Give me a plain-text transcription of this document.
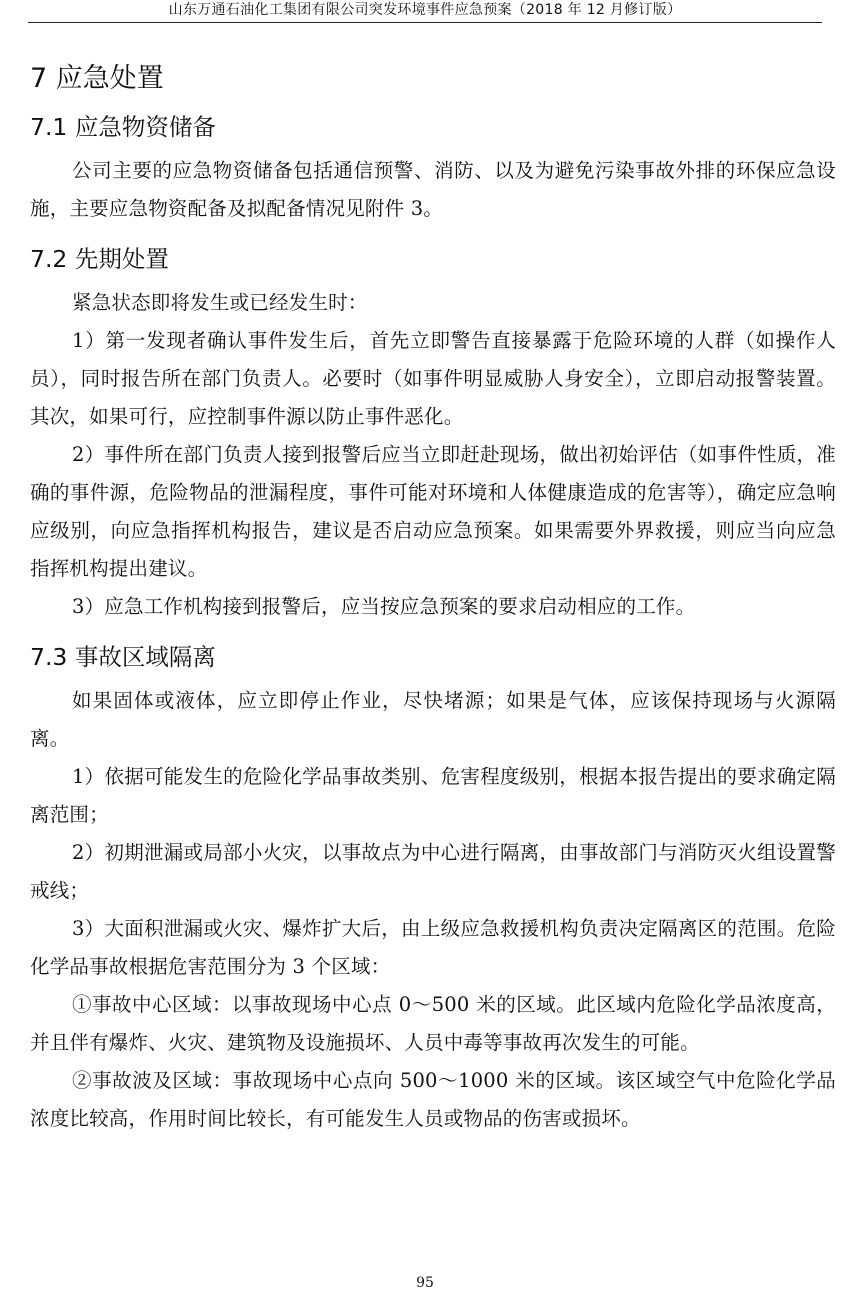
山东万通石油化工集团有限公司突发环境事件应急预案（2018 年 12 月修订版）
7 应急处置
7.1 应急物资储备

公司主要的应急物资储备包括通信预警、消防、以及为避免污染事故外排的环保应急设施，主要应急物资配备及拟配备情况见附件 3。

7.2 先期处置

紧急状态即将发生或已经发生时：

1）第一发现者确认事件发生后，首先立即警告直接暴露于危险环境的人群（如操作人员），同时报告所在部门负责人。必要时（如事件明显威胁人身安全），立即启动报警装置。其次，如果可行，应控制事件源以防止事件恶化。

2）事件所在部门负责人接到报警后应当立即赶赴现场，做出初始评估（如事件性质，准确的事件源，危险物品的泄漏程度，事件可能对环境和人体健康造成的危害等），确定应急响应级别，向应急指挥机构报告，建议是否启动应急预案。如果需要外界救援，则应当向应急指挥机构提出建议。

3）应急工作机构接到报警后，应当按应急预案的要求启动相应的工作。

7.3 事故区域隔离

如果固体或液体，应立即停止作业，尽快堵源；如果是气体，应该保持现场与火源隔离。

1）依据可能发生的危险化学品事故类别、危害程度级别，根据本报告提出的要求确定隔离范围；

2）初期泄漏或局部小火灾，以事故点为中心进行隔离，由事故部门与消防灭火组设置警戒线；

3）大面积泄漏或火灾、爆炸扩大后，由上级应急救援机构负责决定隔离区的范围。危险化学品事故根据危害范围分为 3 个区域：

①事故中心区域：以事故现场中心点 0～500 米的区域。此区域内危险化学品浓度高，并且伴有爆炸、火灾、建筑物及设施损坏、人员中毒等事故再次发生的可能。

②事故波及区域：事故现场中心点向 500～1000 米的区域。该区域空气中危险化学品浓度比较高，作用时间比较长，有可能发生人员或物品的伤害或损坏。

95
